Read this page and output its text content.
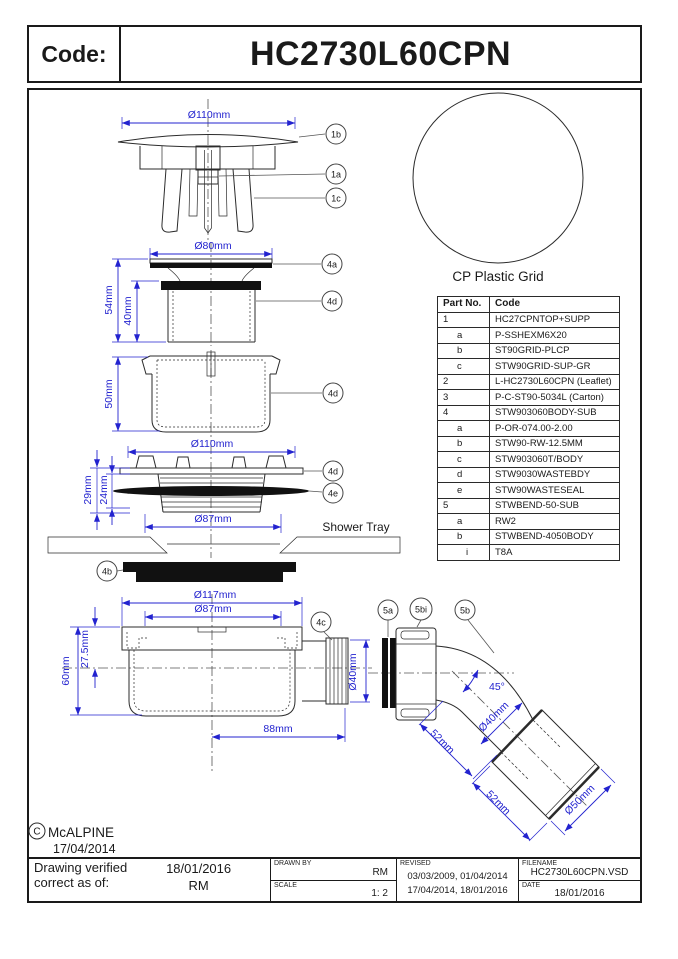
Code:	HC2730L60CPN
CP Plastic Grid
Ø110mm
1b
1a
1c
Ø80mm
54mm 40mm
4a
4d
50mm	4d
Ø110mm
29mm 24mm
Ø87mm
4d
4e
Shower Tray
4b
Ø117mm
Ø87mm
Ø40mm
60mm
27.5mm
88mm
4c
45°
Ø40mm
52mm
52mm	Ø50mm
5a 5bi	5b
C McALPINE
17/04/2014
Part No.	Code
1	HC27CPNTOP+SUPP
a	P-SSHEXM6X20
b	ST90GRID-PLCP
c	STW90GRID-SUP-GR
2	L-HC2730L60CPN (Leaflet)
3	P-C-ST90-5034L (Carton)
4	STW903060BODY-SUB
a	P-OR-074.00-2.00
b	STW90-RW-12.5MM
c	STW903060T/BODY
d	STW9030WASTEBDY
e	STW90WASTESEAL
5	STWBEND-50-SUB
a	RW2
b	STWBEND-4050BODY
i	T8A
Drawing verified
correct as of:
18/01/2016
RM
DRAWN BY
RM
SCALE
1: 2
REVISED
03/03/2009, 01/04/2014
17/04/2014, 18/01/2016
FILENAME
HC2730L60CPN.VSD
DATE
18/01/2016
